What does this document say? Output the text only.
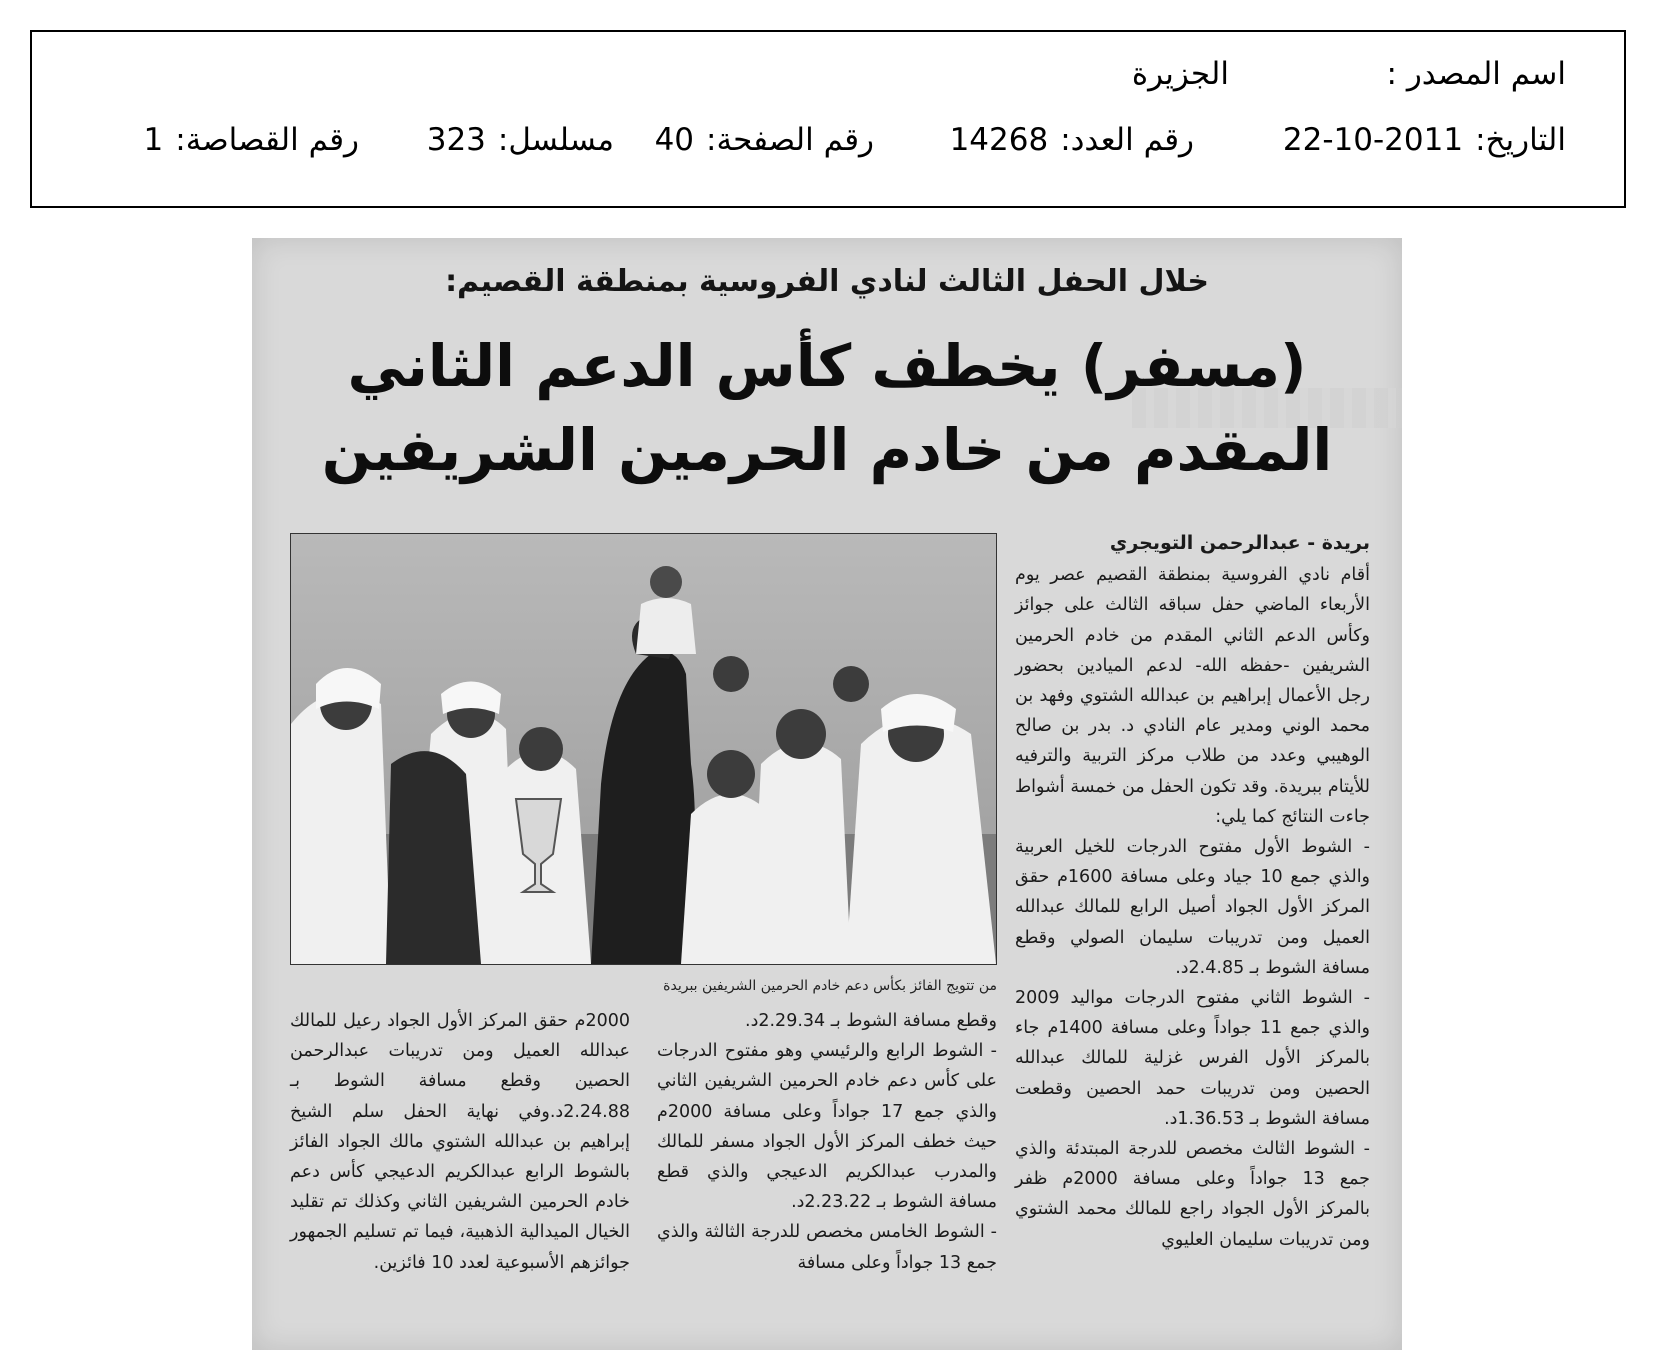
اسم المصدر :
الجزيرة
التاريخ:2011-10-22
رقم العدد:14268
رقم الصفحة:40
مسلسل:323
رقم القصاصة:1
خلال الحفل الثالث لنادي الفروسية بمنطقة القصيم:
(مسفر) يخطف كأس الدعم الثاني
المقدم من خادم الحرمين الشريفين
بريدة - عبدالرحمن التويجري

أقام نادي الفروسية بمنطقة القصيم عصر يوم الأربعاء الماضي حفل سباقه الثالث على جوائز وكأس الدعم الثاني المقدم من خادم الحرمين الشريفين -حفظه الله- لدعم الميادين بحضور رجل الأعمال إبراهيم بن عبدالله الشتوي وفهد بن محمد الوني ومدير عام النادي د. بدر بن صالح الوهيبي وعدد من طلاب مركز التربية والترفيه للأيتام ببريدة. وقد تكون الحفل من خمسة أشواط جاءت النتائج كما يلي:

- الشوط الأول مفتوح الدرجات للخيل العربية والذي جمع 10 جياد وعلى مسافة 1600م حقق المركز الأول الجواد أصيل الرابع للمالك عبدالله العميل ومن تدريبات سليمان الصولي وقطع مسافة الشوط بـ 2.4.85د.

- الشوط الثاني مفتوح الدرجات مواليد 2009 والذي جمع 11 جواداً وعلى مسافة 1400م جاء بالمركز الأول الفرس غزلية للمالك عبدالله الحصين ومن تدريبات حمد الحصين وقطعت مسافة الشوط بـ 1.36.53د.

- الشوط الثالث مخصص للدرجة المبتدئة والذي جمع 13 جواداً وعلى مسافة 2000م ظفر بالمركز الأول الجواد راجع للمالك محمد الشتوي ومن تدريبات سليمان العليوي

من تتويج الفائز بكأس دعم خادم الحرمين الشريفين ببريدة

وقطع مسافة الشوط بـ 2.29.34د.

- الشوط الرابع والرئيسي وهو مفتوح الدرجات على كأس دعم خادم الحرمين الشريفين الثاني والذي جمع 17 جواداً وعلى مسافة 2000م حيث خطف المركز الأول الجواد مسفر للمالك والمدرب عبدالكريم الدعيجي والذي قطع مسافة الشوط بـ 2.23.22د.

- الشوط الخامس مخصص للدرجة الثالثة والذي جمع 13 جواداً وعلى مسافة

2000م حقق المركز الأول الجواد رعيل للمالك عبدالله العميل ومن تدريبات عبدالرحمن الحصين وقطع مسافة الشوط بـ 2.24.88د.وفي نهاية الحفل سلم الشيخ إبراهيم بن عبدالله الشتوي مالك الجواد الفائز بالشوط الرابع عبدالكريم الدعيجي كأس دعم خادم الحرمين الشريفين الثاني وكذلك تم تقليد الخيال الميدالية الذهبية، فيما تم تسليم الجمهور جوائزهم الأسبوعية لعدد 10 فائزين.
